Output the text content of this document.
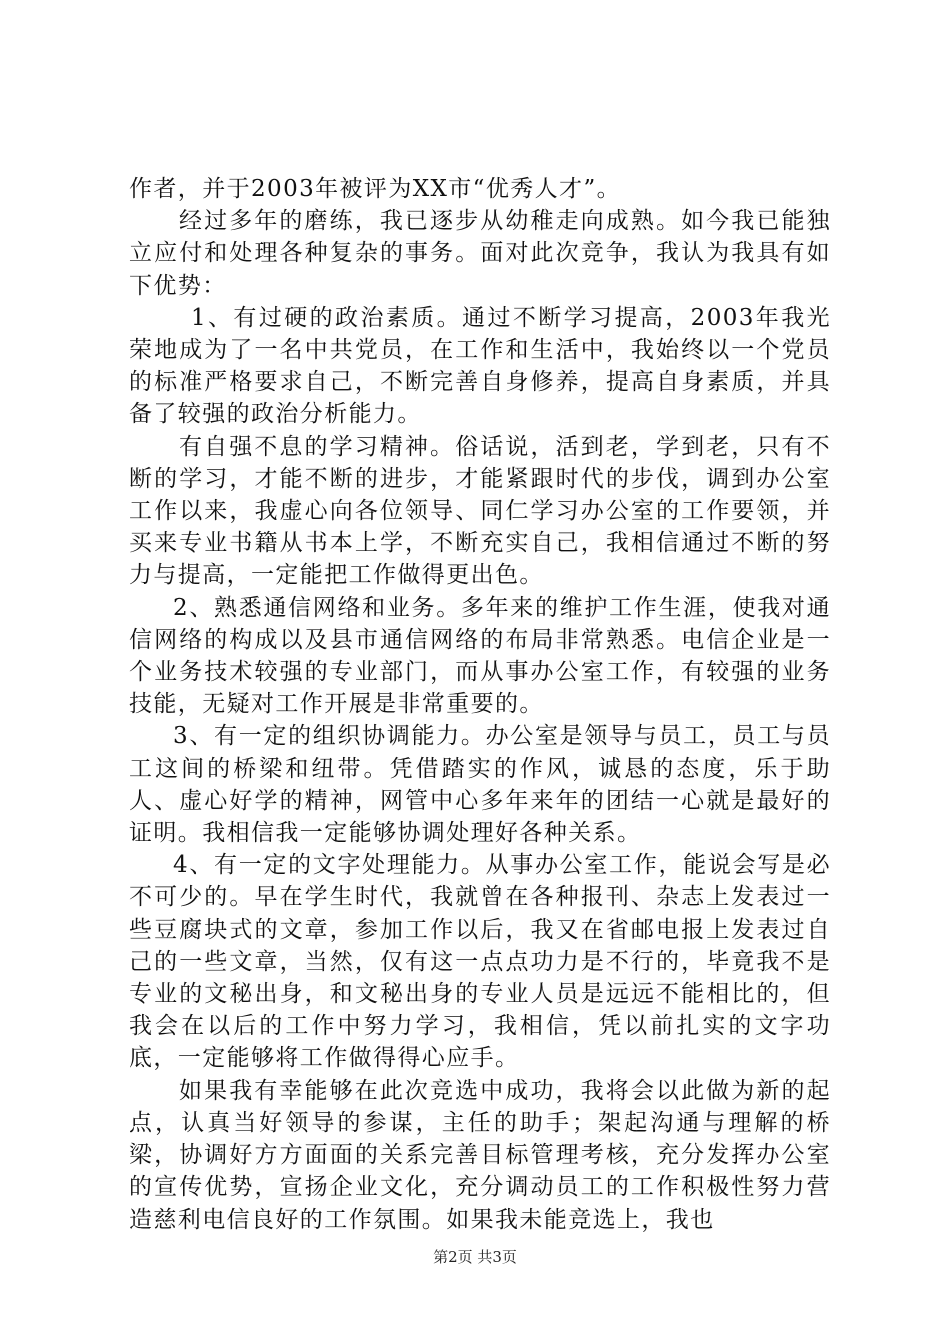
作者，并于2003年被评为XX市“优秀人才”。

经过多年的磨练，我已逐步从幼稚走向成熟。如今我已能独立应付和处理各种复杂的事务。面对此次竞争，我认为我具有如下优势：

1、有过硬的政治素质。通过不断学习提高，2003年我光荣地成为了一名中共党员，在工作和生活中，我始终以一个党员的标准严格要求自己，不断完善自身修养，提高自身素质，并具备了较强的政治分析能力。

有自强不息的学习精神。俗话说，活到老，学到老，只有不断的学习，才能不断的进步，才能紧跟时代的步伐，调到办公室工作以来，我虚心向各位领导、同仁学习办公室的工作要领，并买来专业书籍从书本上学，不断充实自己，我相信通过不断的努力与提高，一定能把工作做得更出色。

2、熟悉通信网络和业务。多年来的维护工作生涯，使我对通信网络的构成以及县市通信网络的布局非常熟悉。电信企业是一个业务技术较强的专业部门，而从事办公室工作，有较强的业务技能，无疑对工作开展是非常重要的。

3、有一定的组织协调能力。办公室是领导与员工，员工与员工这间的桥梁和纽带。凭借踏实的作风，诚恳的态度，乐于助人、虚心好学的精神，网管中心多年来年的团结一心就是最好的证明。我相信我一定能够协调处理好各种关系。

4、有一定的文字处理能力。从事办公室工作，能说会写是必不可少的。早在学生时代，我就曾在各种报刊、杂志上发表过一些豆腐块式的文章，参加工作以后，我又在省邮电报上发表过自己的一些文章，当然，仅有这一点点功力是不行的，毕竟我不是专业的文秘出身，和文秘出身的专业人员是远远不能相比的，但我会在以后的工作中努力学习，我相信，凭以前扎实的文字功底，一定能够将工作做得得心应手。

如果我有幸能够在此次竞选中成功，我将会以此做为新的起点，认真当好领导的参谋，主任的助手；架起沟通与理解的桥梁，协调好方方面面的关系完善目标管理考核，充分发挥办公室的宣传优势，宣扬企业文化，充分调动员工的工作积极性努力营造慈利电信良好的工作氛围。如果我未能竞选上，我也

第2页 共3页
